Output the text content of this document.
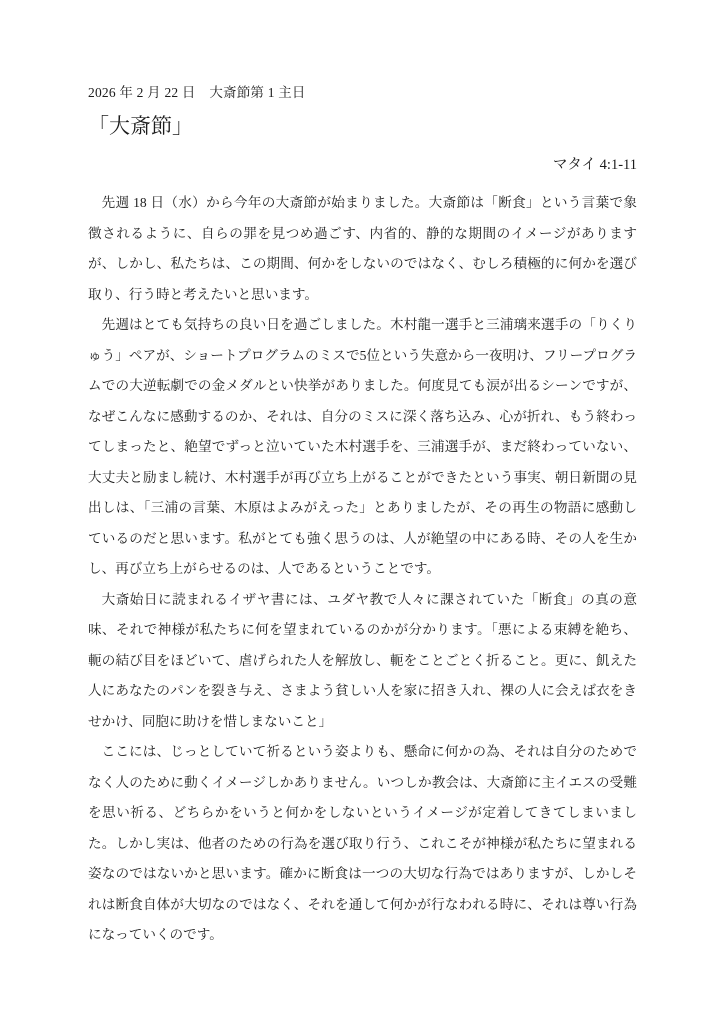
2026 年 2 月 22 日　大斎節第 1 主日
「大斎節」
マタイ 4:1-11

先週 18 日（水）から今年の大斎節が始まりました。大斎節は「断食」という言葉で象徴されるように、自らの罪を見つめ過ごす、内省的、静的な期間のイメージがありますが、しかし、私たちは、この期間、何かをしないのではなく、むしろ積極的に何かを選び取り、行う時と考えたいと思います。

先週はとても気持ちの良い日を過ごしました。木村龍一選手と三浦璃来選手の「りくりゅう」ペアが、ショートプログラムのミスで5位という失意から一夜明け、フリープログラムでの大逆転劇での金メダルとい快挙がありました。何度見ても涙が出るシーンですが、なぜこんなに感動するのか、それは、自分のミスに深く落ち込み、心が折れ、もう終わってしまったと、絶望でずっと泣いていた木村選手を、三浦選手が、まだ終わっていない、大丈夫と励まし続け、木村選手が再び立ち上がることができたという事実、朝日新聞の見出しは、「三浦の言葉、木原はよみがえった」とありましたが、その再生の物語に感動しているのだと思います。私がとても強く思うのは、人が絶望の中にある時、その人を生かし、再び立ち上がらせるのは、人であるということです。

大斎始日に読まれるイザヤ書には、ユダヤ教で人々に課されていた「断食」の真の意味、それで神様が私たちに何を望まれているのかが分かります。「悪による束縛を絶ち、軛の結び目をほどいて、虐げられた人を解放し、軛をことごとく折ること。更に、飢えた人にあなたのパンを裂き与え、さまよう貧しい人を家に招き入れ、裸の人に会えば衣をきせかけ、同胞に助けを惜しまないこと」

ここには、じっとしていて祈るという姿よりも、懸命に何かの為、それは自分のためでなく人のために動くイメージしかありません。いつしか教会は、大斎節に主イエスの受難を思い祈る、どちらかをいうと何かをしないというイメージが定着してきてしまいました。しかし実は、他者のための行為を選び取り行う、これこそが神様が私たちに望まれる姿なのではないかと思います。確かに断食は一つの大切な行為ではありますが、しかしそれは断食自体が大切なのではなく、それを通して何かが行なわれる時に、それは尊い行為になっていくのです。
